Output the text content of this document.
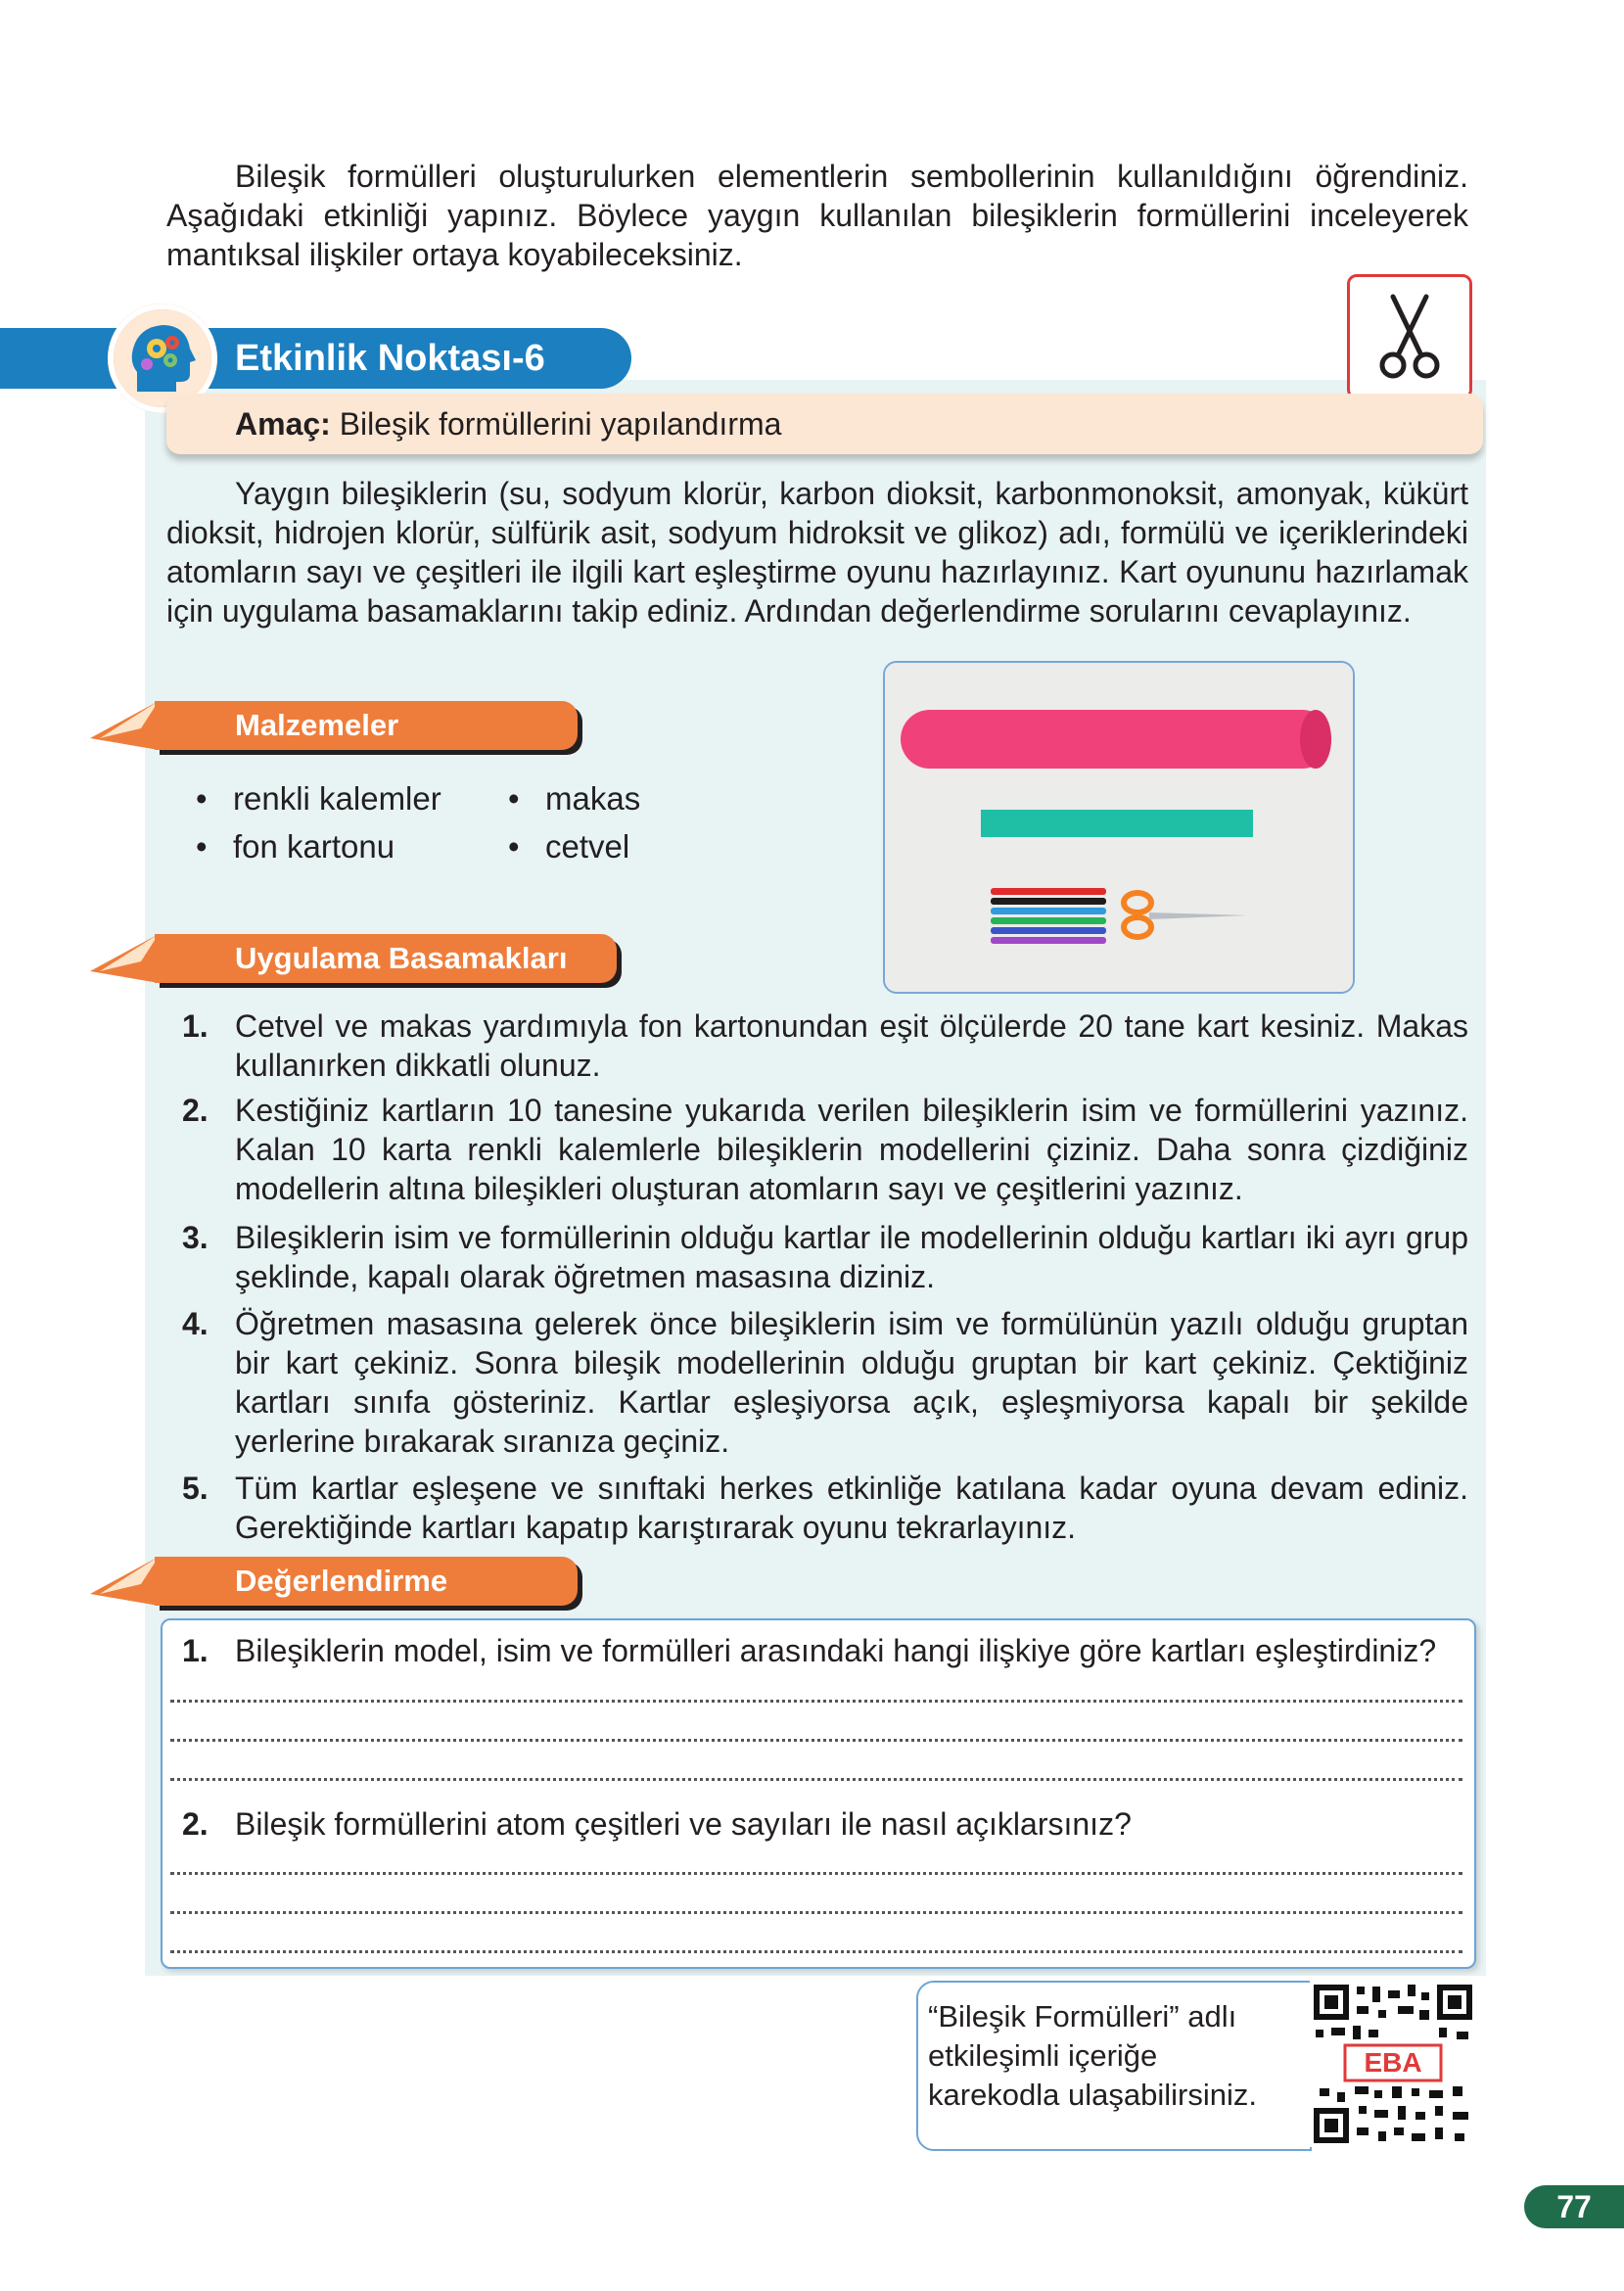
Bileşik formülleri oluşturulurken elementlerin sembollerinin kullanıldığını öğrendiniz. Aşağıdaki etkinliği yapınız. Böylece yaygın kullanılan bileşiklerin formüllerini inceleyerek mantıksal ilişkiler ortaya koyabileceksiniz.

Etkinlik Noktası-6
Amaç: Bileşik formüllerini yapılandırma

Yaygın bileşiklerin (su, sodyum klorür, karbon dioksit, karbonmonoksit, amonyak, kükürt dioksit, hidrojen klorür, sülfürik asit, sodyum hidroksit ve glikoz) adı, formülü ve içeriklerindeki atomların sayı ve çeşitleri ile ilgili kart eşleştirme oyunu hazırlayınız. Kart oyununu hazırlamak için uygulama basamaklarını takip ediniz. Ardından değerlendirme sorularını cevaplayınız.

Malzemeler
• renkli kalemler
• fon kartonu
• makas
• cetvel
Uygulama Basamakları
1. Cetvel ve makas yardımıyla fon kartonundan eşit ölçülerde 20 tane kart kesiniz. Makas kullanırken dikkatli olunuz.
2. Kestiğiniz kartların 10 tanesine yukarıda verilen bileşiklerin isim ve formüllerini yazınız. Kalan 10 karta renkli kalemlerle bileşiklerin modellerini çiziniz. Daha sonra çizdiğiniz modellerin altına bileşikleri oluşturan atomların sayı ve çeşitlerini yazınız.
3. Bileşiklerin isim ve formüllerinin olduğu kartlar ile modellerinin olduğu kartları iki ayrı grup şeklinde, kapalı olarak öğretmen masasına diziniz.
4. Öğretmen masasına gelerek önce bileşiklerin isim ve formülünün yazılı olduğu gruptan bir kart çekiniz. Sonra bileşik modellerinin olduğu gruptan bir kart çekiniz. Çektiğiniz kartları sınıfa gösteriniz. Kartlar eşleşiyorsa açık, eşleşmiyorsa kapalı bir şekilde yerlerine bırakarak sıranıza geçiniz.
5. Tüm kartlar eşleşene ve sınıftaki herkes etkinliğe katılana kadar oyuna devam ediniz. Gerektiğinde kartları kapatıp karıştırarak oyunu tekrarlayınız.
Değerlendirme
1. Bileşiklerin model, isim ve formülleri arasındaki hangi ilişkiye göre kartları eşleştirdiniz?
2. Bileşik formüllerini atom çeşitleri ve sayıları ile nasıl açıklarsınız?
“Bileşik Formülleri” adlı etkileşimli içeriğe karekodla ulaşabilirsiniz.
EBA
77
